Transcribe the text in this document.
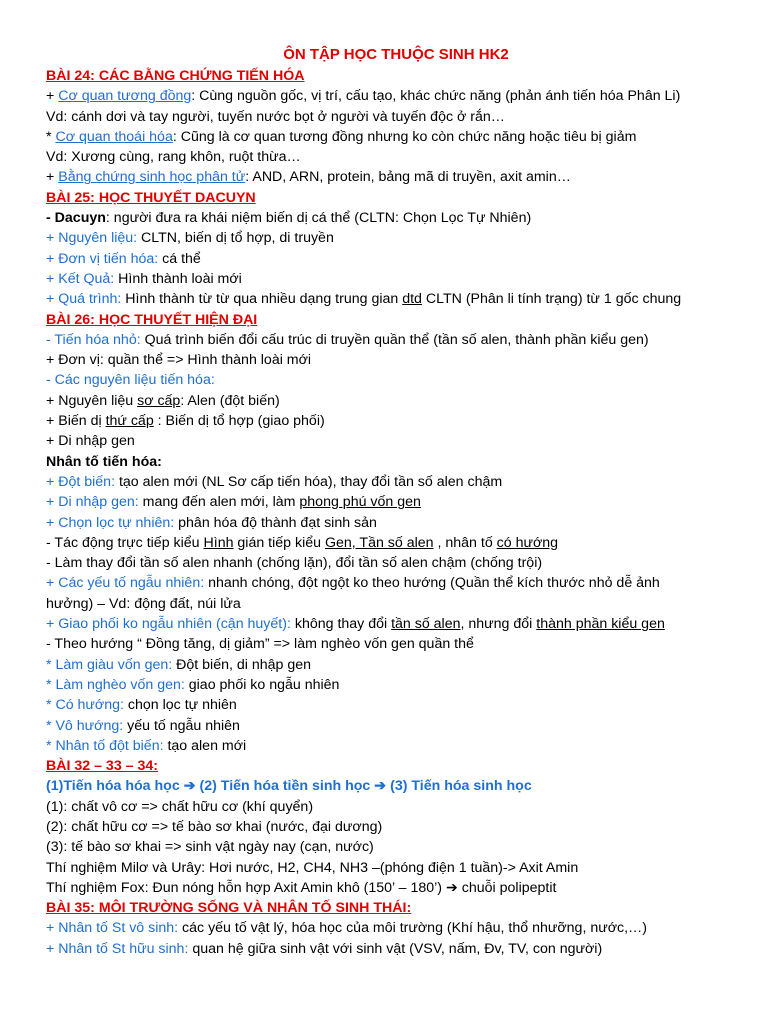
ÔN TẬP HỌC THUỘC SINH HK2
BÀI 24: CÁC BẰNG CHỨNG TIẾN HÓA
+ Cơ quan tương đồng: Cùng nguồn gốc, vị trí, cấu tạo, khác chức năng (phản ánh tiến hóa Phân Li)
Vd: cánh dơi và tay người, tuyến nước bọt ở người và tuyến độc ở rắn…
* Cơ quan thoái hóa: Cũng là cơ quan tương đồng nhưng ko còn chức năng hoặc tiêu bị giảm
Vd: Xương cùng, rang khôn, ruột thừa…
+ Bằng chứng sinh học phân tử: AND, ARN, protein, bảng mã di truyền, axit amin…
BÀI 25: HỌC THUYẾT DACUYN
- Dacuyn: người đưa ra khái niệm biến dị cá thể (CLTN: Chọn Lọc Tự Nhiên)
+ Nguyên liệu: CLTN, biến dị tổ hợp, di truyền
+ Đơn vị tiến hóa: cá thể
+ Kết Quả: Hình thành loài mới
+ Quá trình: Hình thành từ từ qua nhiều dạng trung gian dtd CLTN (Phân li tính trạng) từ 1 gốc chung
BÀI 26: HỌC THUYẾT HIỆN ĐẠI
- Tiến hóa nhỏ: Quá trình biến đổi cấu trúc di truyền quần thể (tần số alen, thành phần kiểu gen)
+ Đơn vị: quần thể => Hình thành loài mới
- Các nguyên liệu tiến hóa:
+ Nguyên liệu sơ cấp: Alen (đột biến)
+ Biến dị thứ cấp : Biến dị tổ hợp (giao phối)
+ Di nhập gen
Nhân tố tiến hóa:
+ Đột biến: tạo alen mới (NL Sơ cấp tiến hóa), thay đổi tần số alen chậm
+ Di nhập gen: mang đến alen mới, làm phong phú vốn gen
+ Chọn lọc tự nhiên: phân hóa độ thành đạt sinh sản
- Tác động trực tiếp kiểu Hình gián tiếp kiểu Gen, Tần số alen , nhân tố có hướng
- Làm thay đổi tần số alen nhanh (chống lặn), đổi tần số alen chậm (chống trội)
+ Các yếu tố ngẫu nhiên: nhanh chóng, đột ngột ko theo hướng (Quần thể kích thước nhỏ dễ ảnh
hưởng) – Vd: động đất, núi lửa
+ Giao phối ko ngẫu nhiên (cận huyết): không thay đổi tần số alen, nhưng đổi thành phần kiểu gen
- Theo hướng “ Đồng tăng, dị giảm” => làm nghèo vốn gen quần thể
* Làm giàu vốn gen: Đột biến, di nhập gen
* Làm nghèo vốn gen: giao phối ko ngẫu nhiên
* Có hướng: chọn lọc tự nhiên
* Vô hướng: yếu tố ngẫu nhiên
* Nhân tố đột biến: tạo alen mới
BÀI 32 – 33 – 34:
(1)Tiến hóa hóa học ➔ (2) Tiến hóa tiền sinh học ➔ (3) Tiến hóa sinh học
(1): chất vô cơ => chất hữu cơ (khí quyển)
(2): chất hữu cơ => tế bào sơ khai (nước, đại dương)
(3): tế bào sơ khai => sinh vật ngày nay (cạn, nước)
Thí nghiệm Milơ và Urây: Hơi nước, H2, CH4, NH3 –(phóng điện 1 tuần)-> Axit Amin
Thí nghiệm Fox: Đun nóng hỗn hợp Axit Amin khô (150’ – 180’) ➔ chuỗi polipeptit
BÀI 35: MÔI TRƯỜNG SỐNG VÀ NHÂN TỐ SINH THÁI:
+ Nhân tố St vô sinh: các yếu tố vật lý, hóa học của môi trường (Khí hậu, thổ nhưỡng, nước,…)
+ Nhân tố St hữu sinh: quan hệ giữa sinh vật với sinh vật (VSV, nấm, Đv, TV, con người)
